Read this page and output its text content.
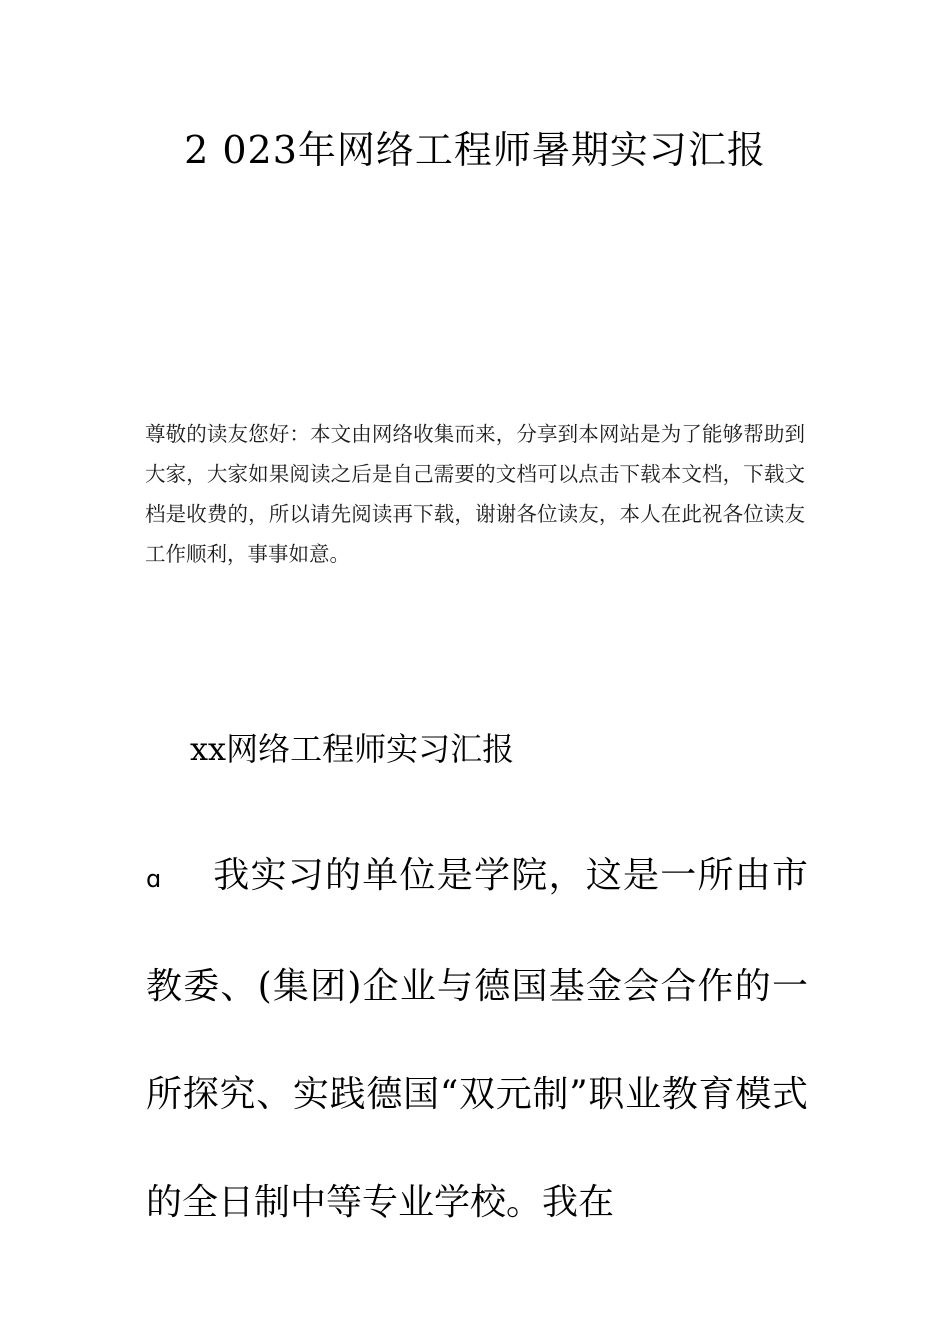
2 023年网络工程师暑期实习汇报
尊敬的读友您好：本文由网络收集而来，分享到本网站是为了能够帮助到大家，大家如果阅读之后是自己需要的文档可以点击下载本文档，下载文档是收费的，所以请先阅读再下载，谢谢各位读友，本人在此祝各位读友工作顺利，事事如意。
xx网络工程师实习汇报
ɑ 我实习的单位是学院，这是一所由市教委、(集团)企业与德国基金会合作的一所探究、实践德国“双元制”职业教育模式的全日制中等专业学校。我在
